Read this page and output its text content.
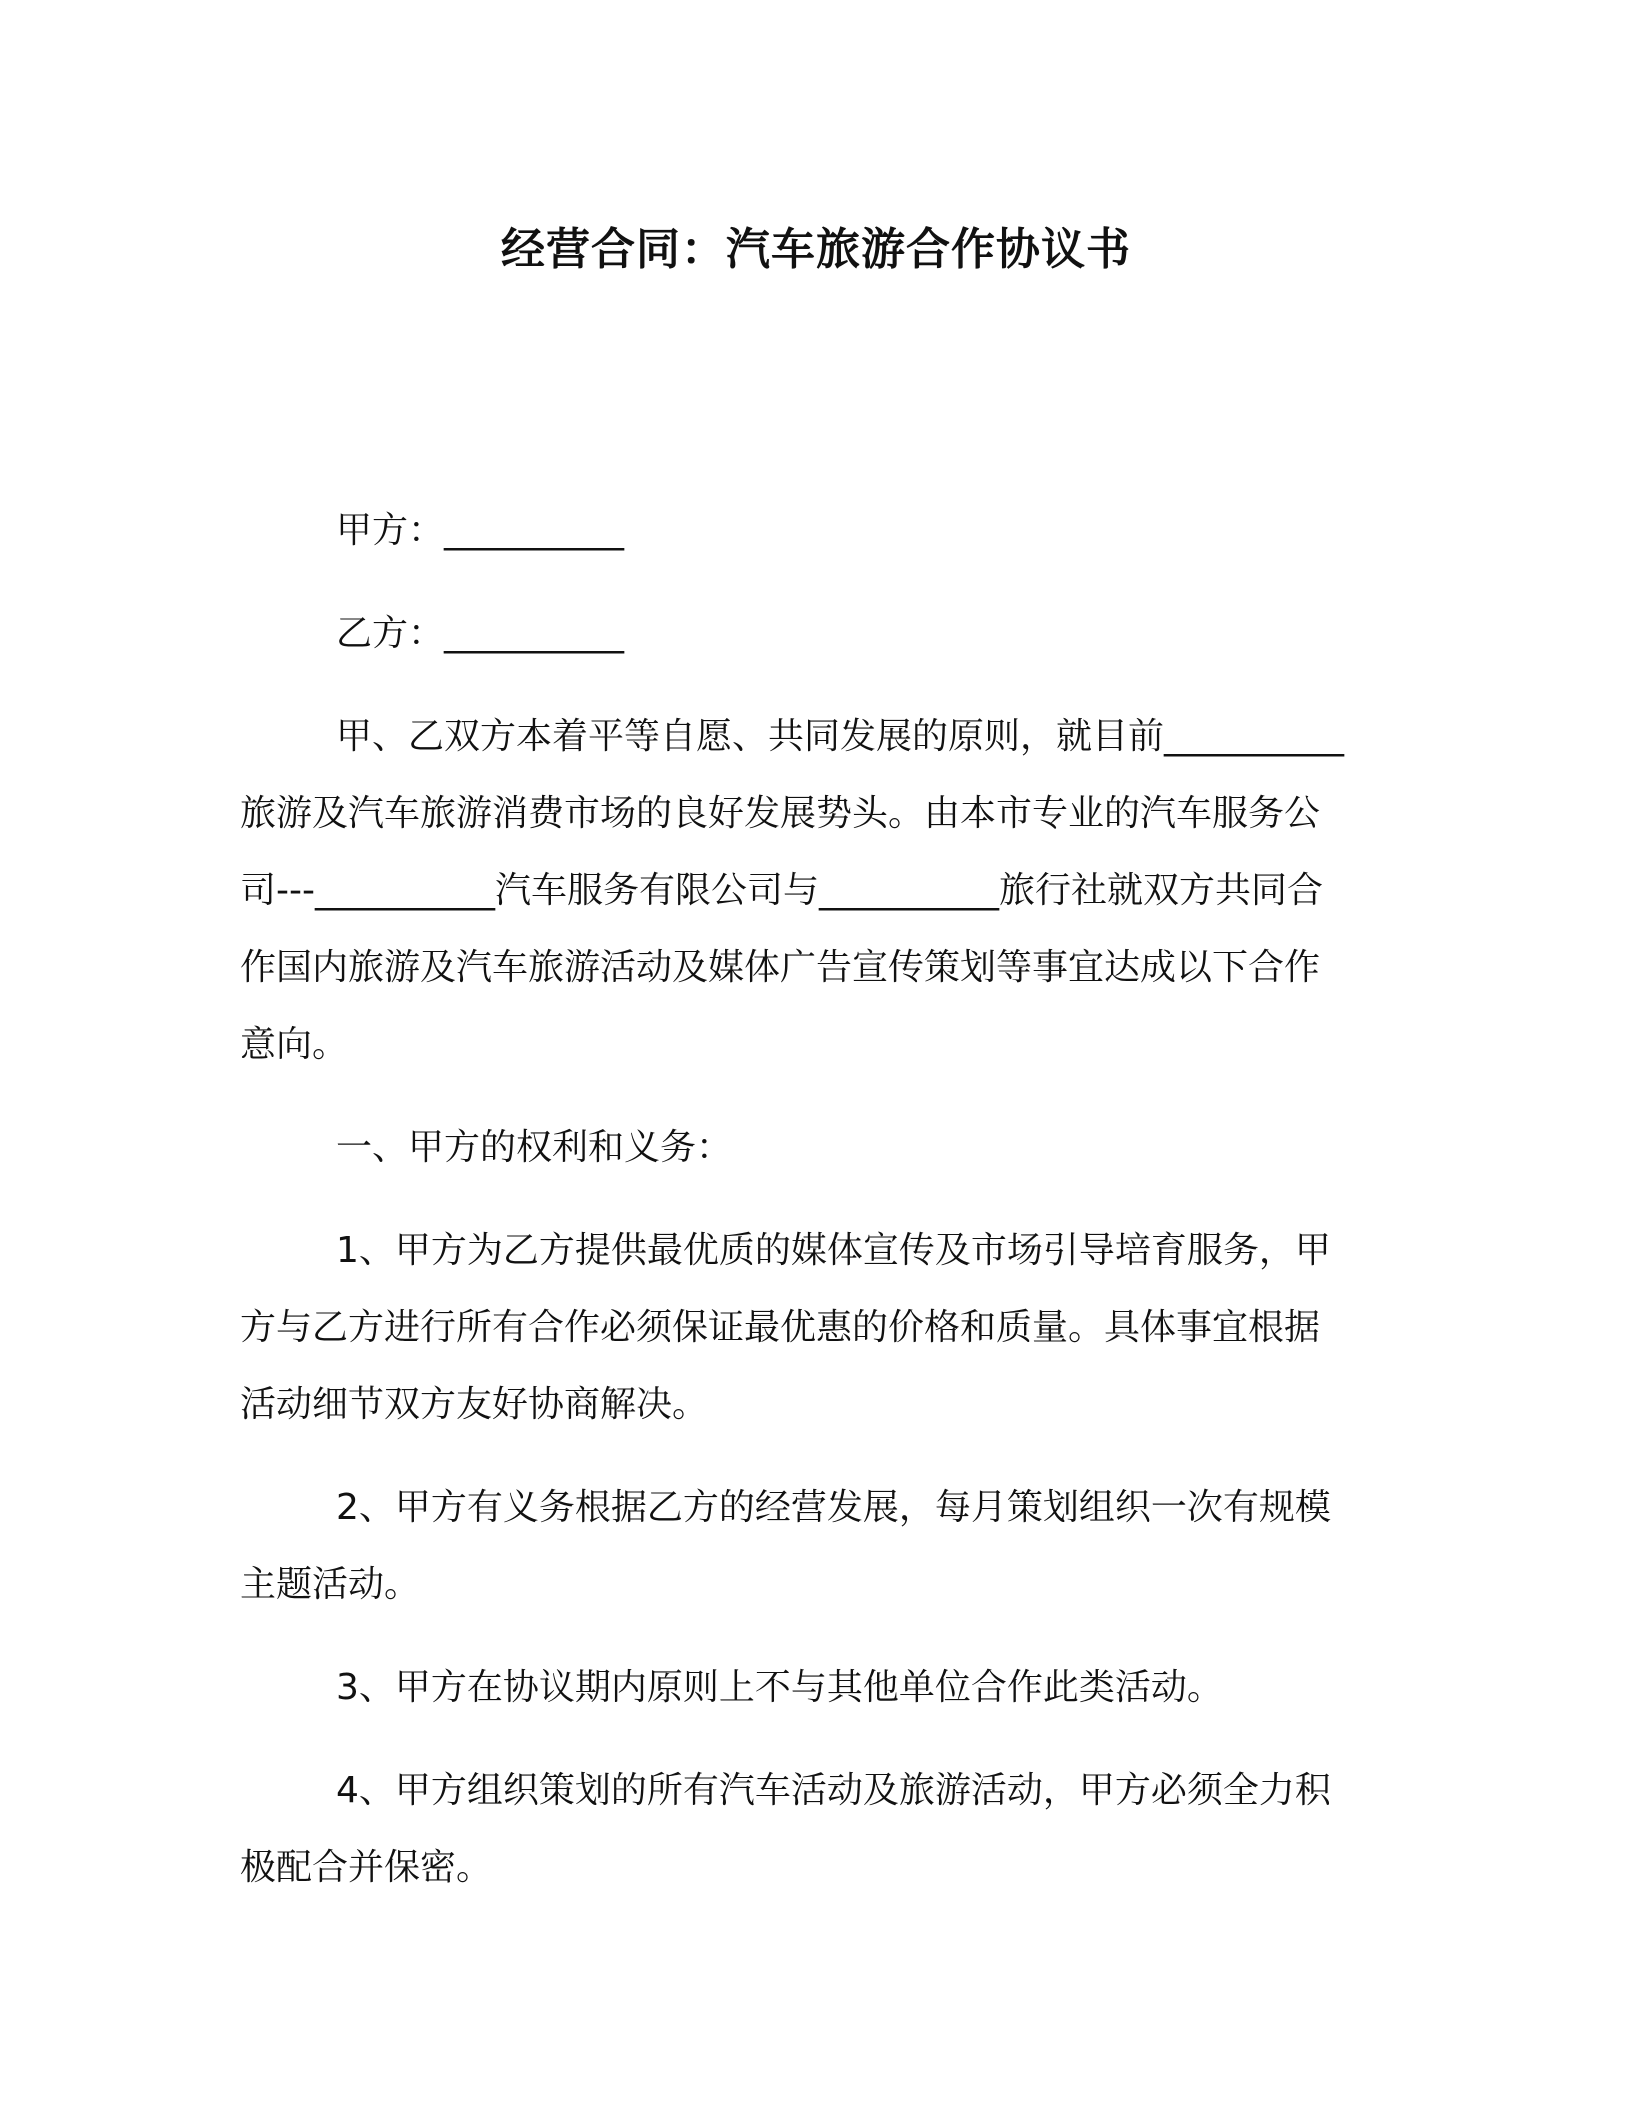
经营合同：汽车旅游合作协议书

甲方：__________

乙方：__________

甲、乙双方本着平等自愿、共同发展的原则，就目前__________
旅游及汽车旅游消费市场的良好发展势头。由本市专业的汽车服务公
司---__________汽车服务有限公司与__________旅行社就双方共同合
作国内旅游及汽车旅游活动及媒体广告宣传策划等事宜达成以下合作
意向。

一、甲方的权利和义务：

1、甲方为乙方提供最优质的媒体宣传及市场引导培育服务，甲
方与乙方进行所有合作必须保证最优惠的价格和质量。具体事宜根据
活动细节双方友好协商解决。

2、甲方有义务根据乙方的经营发展，每月策划组织一次有规模
主题活动。

3、甲方在协议期内原则上不与其他单位合作此类活动。

4、甲方组织策划的所有汽车活动及旅游活动，甲方必须全力积
极配合并保密。
